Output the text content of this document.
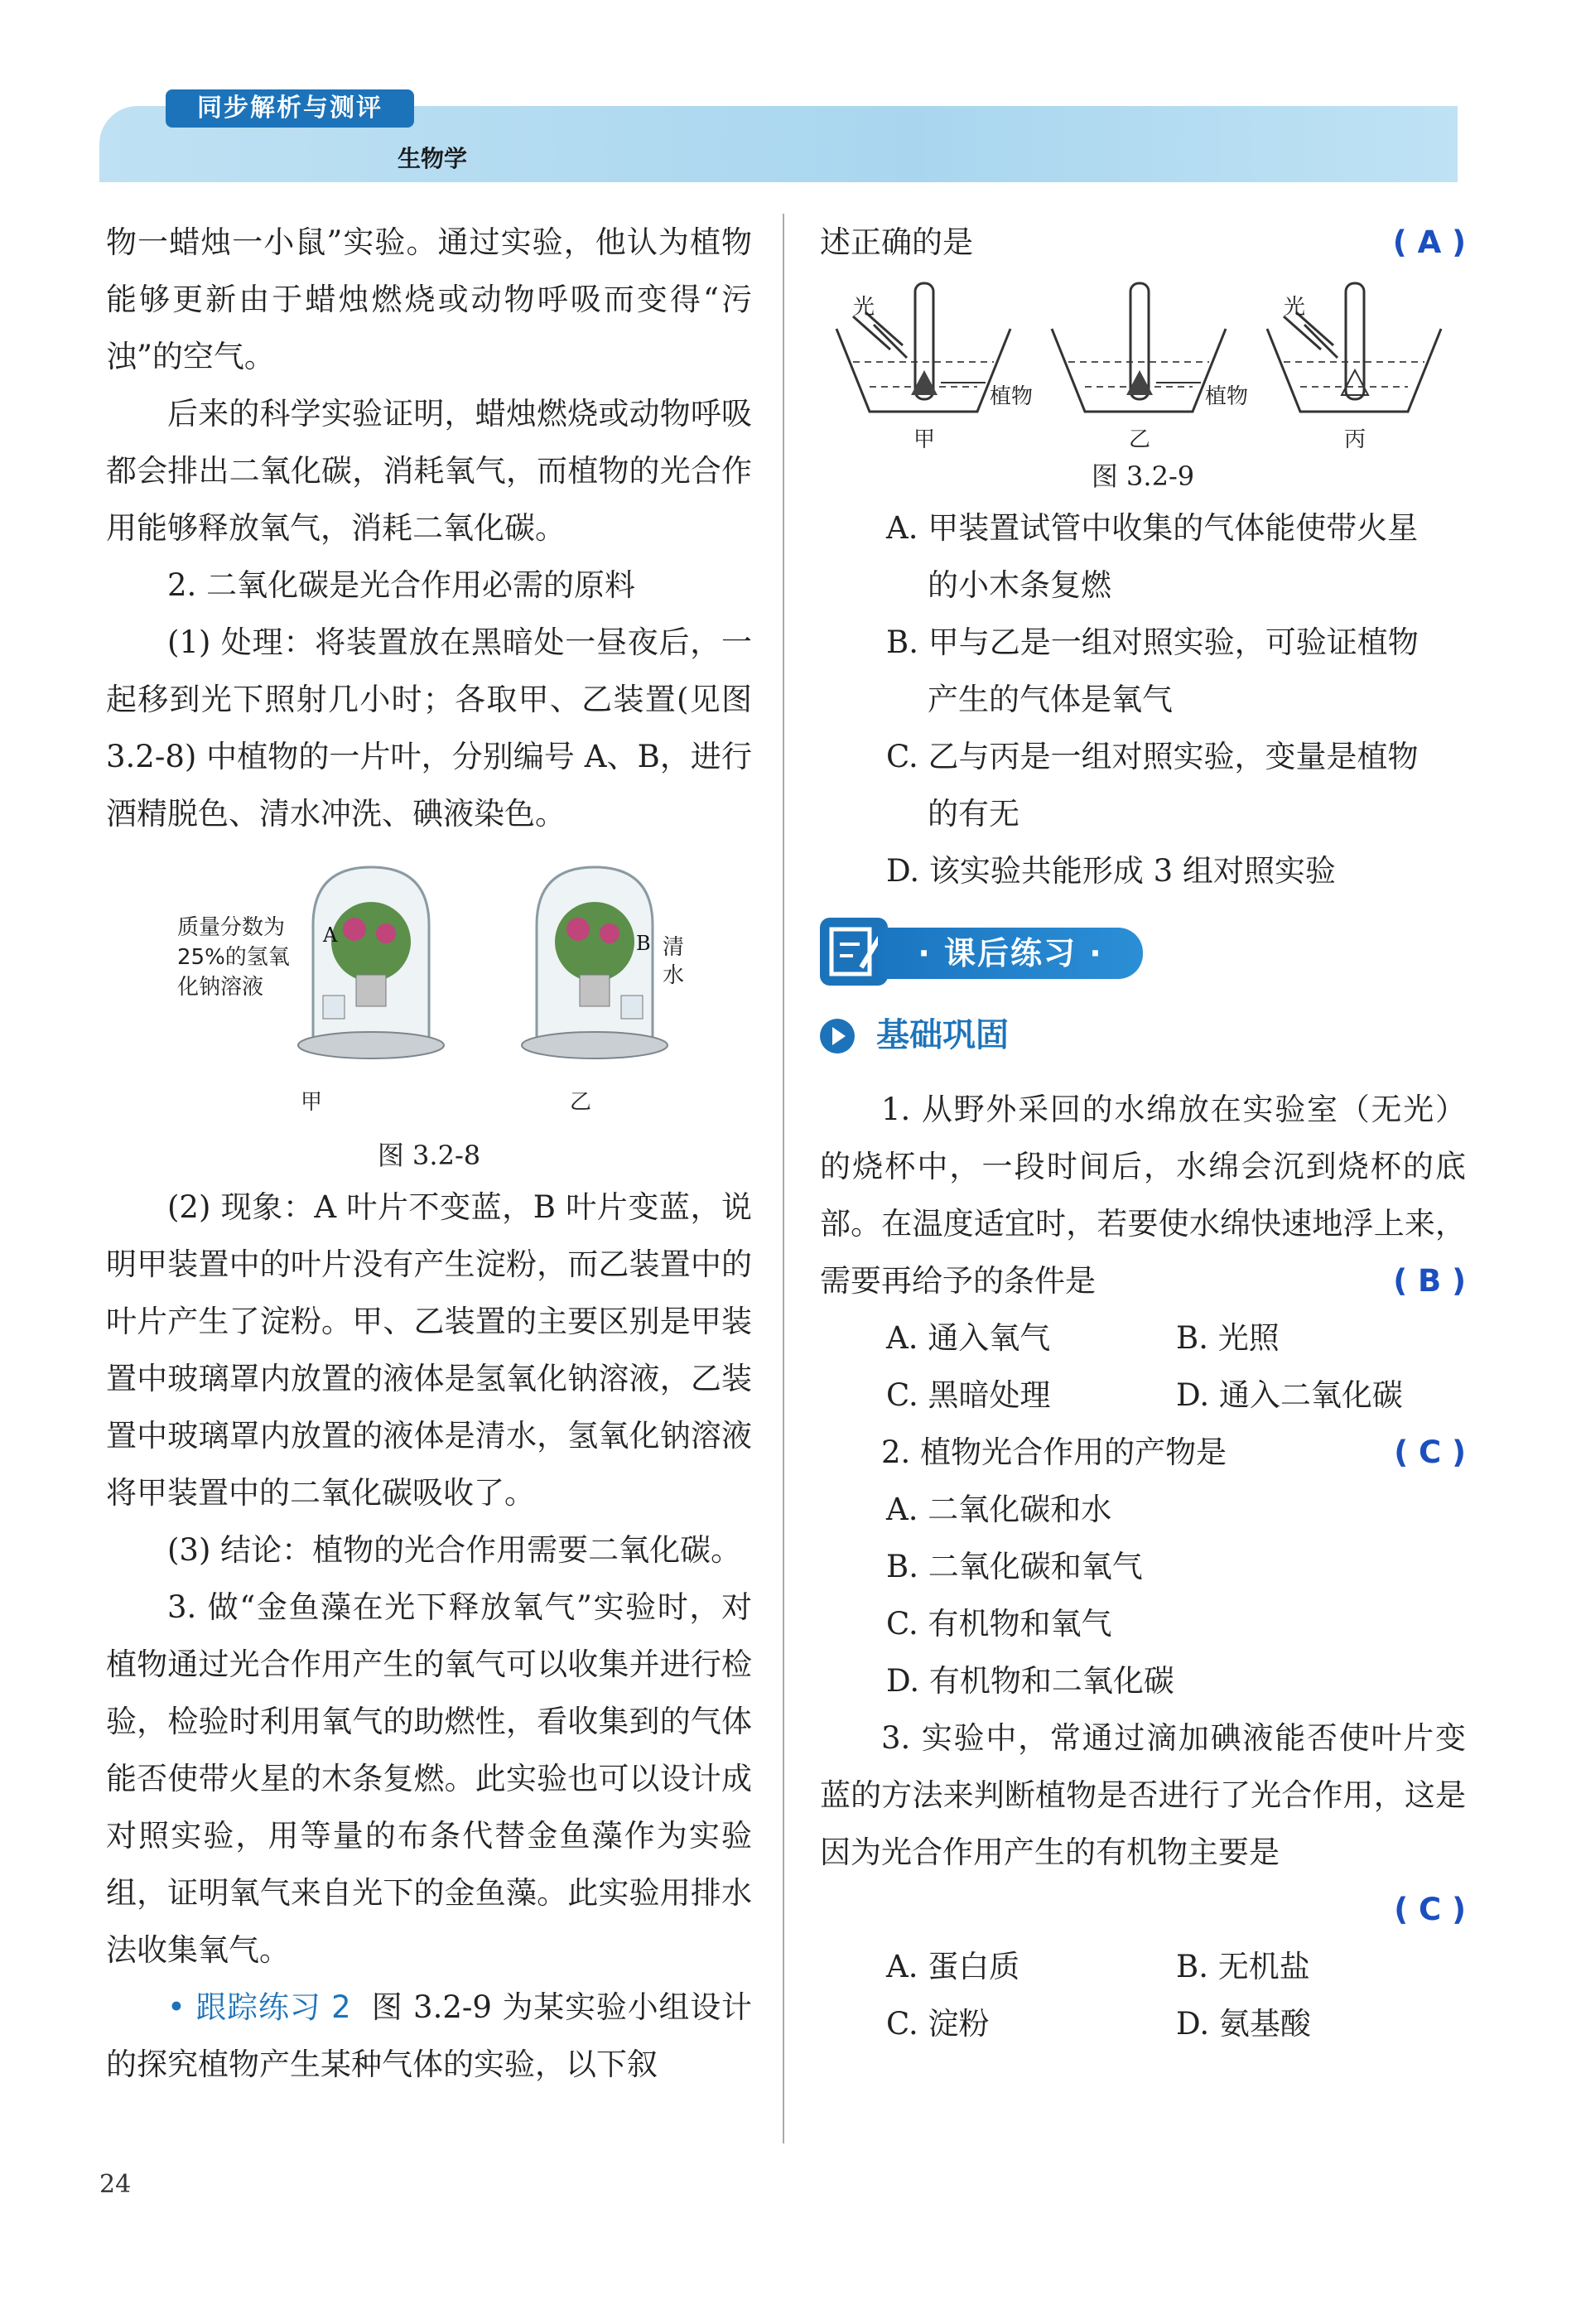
同步解析与测评
生物学

物一蜡烛一小鼠”实验。通过实验，他认为植物能够更新由于蜡烛燃烧或动物呼吸而变得“污浊”的空气。

后来的科学实验证明，蜡烛燃烧或动物呼吸都会排出二氧化碳，消耗氧气，而植物的光合作用能够释放氧气，消耗二氧化碳。

2. 二氧化碳是光合作用必需的原料

(1) 处理：将装置放在黑暗处一昼夜后，一起移到光下照射几小时；各取甲、乙装置(见图 3.2-8) 中植物的一片叶，分别编号 A、B，进行酒精脱色、清水冲洗、碘液染色。

A	B
质量分数为25%的氢氧化钠溶液
清水
甲	乙
图 3.2-8

(2) 现象：A 叶片不变蓝，B 叶片变蓝，说明甲装置中的叶片没有产生淀粉，而乙装置中的叶片产生了淀粉。甲、乙装置的主要区别是甲装置中玻璃罩内放置的液体是氢氧化钠溶液，乙装置中玻璃罩内放置的液体是清水，氢氧化钠溶液将甲装置中的二氧化碳吸收了。

(3) 结论：植物的光合作用需要二氧化碳。

3. 做“金鱼藻在光下释放氧气”实验时，对植物通过光合作用产生的氧气可以收集并进行检验，检验时利用氧气的助燃性，看收集到的气体能否使带火星的木条复燃。此实验也可以设计成对照实验，用等量的布条代替金鱼藻作为实验组，证明氧气来自光下的金鱼藻。此实验用排水法收集氧气。

• 跟踪练习 2 图 3.2-9 为某实验小组设计的探究植物产生某种气体的实验，以下叙

述正确的是	( A )
光	光
植物	植物
甲	乙	丙
图 3.2-9
A. 甲装置试管中收集的气体能使带火星
的小木条复燃
B. 甲与乙是一组对照实验，可验证植物
产生的气体是氧气
C. 乙与丙是一组对照实验，变量是植物
的有无
D. 该实验共能形成 3 组对照实验
· 课后练习 ·
基础巩固

1. 从野外采回的水绵放在实验室（无光）的烧杯中，一段时间后，水绵会沉到烧杯的底部。在温度适宜时，若要使水绵快速地浮上来，需要再给予的条件是	( B )

A. 通入氧气	B. 光照
C. 黑暗处理	D. 通入二氧化碳
2. 植物光合作用的产物是	( C )
A. 二氧化碳和水
B. 二氧化碳和氧气
C. 有机物和氧气
D. 有机物和二氧化碳

3. 实验中，常通过滴加碘液能否使叶片变蓝的方法来判断植物是否进行了光合作用，这是因为光合作用产生的有机物主要是

( C )
A. 蛋白质	B. 无机盐
C. 淀粉	D. 氨基酸
24
